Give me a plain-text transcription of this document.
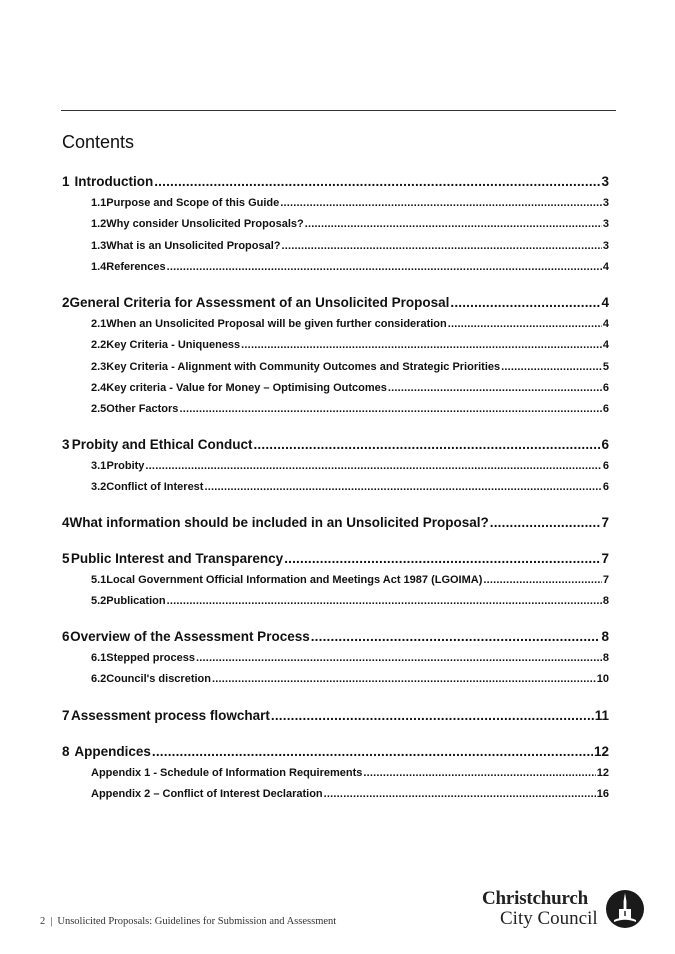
Contents
1 Introduction .....	3
1.1 Purpose and Scope of this Guide .....	3
1.2 Why consider Unsolicited Proposals? .....	3
1.3 What is an Unsolicited Proposal? .....	3
1.4 References .....	4
2 General Criteria for Assessment of an Unsolicited Proposal .....	4
2.1 When an Unsolicited Proposal will be given further consideration .....	4
2.2 Key Criteria - Uniqueness .....	4
2.3 Key Criteria - Alignment with Community Outcomes and Strategic Priorities .....	5
2.4 Key criteria - Value for Money – Optimising Outcomes .....	6
2.5 Other Factors .....	6
3 Probity and Ethical Conduct .....	6
3.1 Probity .....	6
3.2 Conflict of Interest .....	6
4 What information should be included in an Unsolicited Proposal? .....	7
5 Public Interest and Transparency .....	7
5.1 Local Government Official Information and Meetings Act 1987 (LGOIMA) .....	7
5.2 Publication .....	8
6 Overview of the Assessment Process .....	8
6.1 Stepped process .....	8
6.2 Council's discretion .....	10
7 Assessment process flowchart .....	11
8 Appendices .....	12
Appendix 1 - Schedule of Information Requirements .....	12
Appendix 2 – Conflict of Interest Declaration .....	16
2 | Unsolicited Proposals: Guidelines for Submission and Assessment
Christchurch
City Council
